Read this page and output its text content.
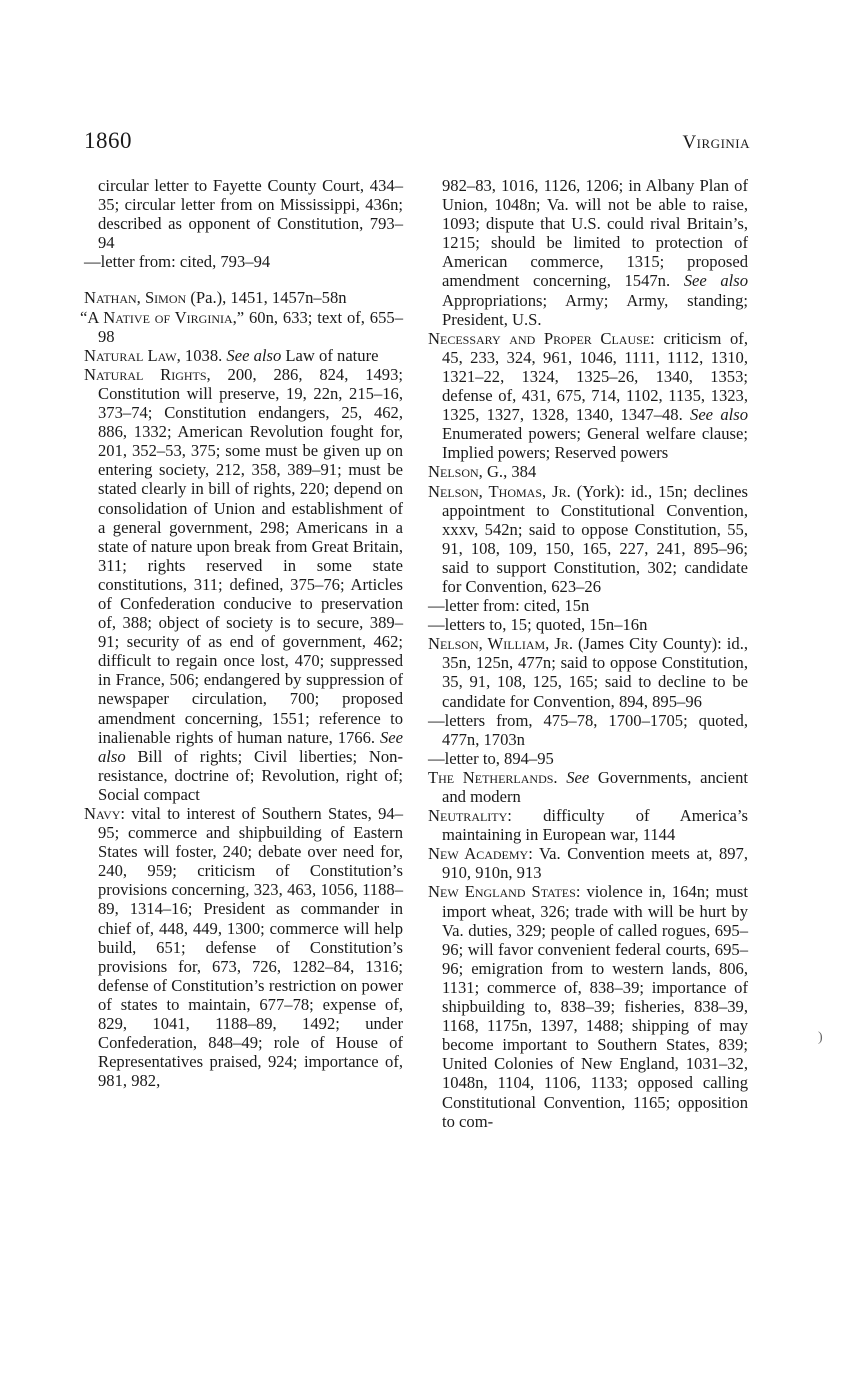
1860	Virginia

circular letter to Fayette County Court, 434–35; circular letter from on Mississippi, 436n; described as opponent of Constitution, 793–94

—letter from: cited, 793–94

Nathan, Simon (Pa.), 1451, 1457n–58n

“A Native of Virginia,” 60n, 633; text of, 655–98

Natural Law, 1038. See also Law of nature

Natural Rights, 200, 286, 824, 1493; Constitution will preserve, 19, 22n, 215–16, 373–74; Constitution endangers, 25, 462, 886, 1332; American Revolution fought for, 201, 352–53, 375; some must be given up on entering society, 212, 358, 389–91; must be stated clearly in bill of rights, 220; depend on consolidation of Union and establishment of a general government, 298; Americans in a state of nature upon break from Great Britain, 311; rights reserved in some state constitutions, 311; defined, 375–76; Articles of Confederation conducive to preservation of, 388; object of society is to secure, 389–91; security of as end of government, 462; difficult to regain once lost, 470; suppressed in France, 506; endangered by suppression of newspaper circulation, 700; proposed amendment concerning, 1551; reference to inalienable rights of human nature, 1766. See also Bill of rights; Civil liberties; Non-resistance, doctrine of; Revolution, right of; Social compact

Navy: vital to interest of Southern States, 94–95; commerce and shipbuilding of Eastern States will foster, 240; debate over need for, 240, 959; criticism of Constitution’s provisions concerning, 323, 463, 1056, 1188–89, 1314–16; President as commander in chief of, 448, 449, 1300; commerce will help build, 651; defense of Constitution’s provisions for, 673, 726, 1282–84, 1316; defense of Constitution’s restriction on power of states to maintain, 677–78; expense of, 829, 1041, 1188–89, 1492; under Confederation, 848–49; role of House of Representatives praised, 924; importance of, 981, 982,

982–83, 1016, 1126, 1206; in Albany Plan of Union, 1048n; Va. will not be able to raise, 1093; dispute that U.S. could rival Britain’s, 1215; should be limited to protection of American commerce, 1315; proposed amendment concerning, 1547n. See also Appropriations; Army; Army, standing; President, U.S.

Necessary and Proper Clause: criticism of, 45, 233, 324, 961, 1046, 1111, 1112, 1310, 1321–22, 1324, 1325–26, 1340, 1353; defense of, 431, 675, 714, 1102, 1135, 1323, 1325, 1327, 1328, 1340, 1347–48. See also Enumerated powers; General welfare clause; Implied powers; Reserved powers

Nelson, G., 384

Nelson, Thomas, Jr. (York): id., 15n; declines appointment to Constitutional Convention, xxxv, 542n; said to oppose Constitution, 55, 91, 108, 109, 150, 165, 227, 241, 895–96; said to support Constitution, 302; candidate for Convention, 623–26

—letter from: cited, 15n

—letters to, 15; quoted, 15n–16n

Nelson, William, Jr. (James City County): id., 35n, 125n, 477n; said to oppose Constitution, 35, 91, 108, 125, 165; said to decline to be candidate for Convention, 894, 895–96

—letters from, 475–78, 1700–1705; quoted, 477n, 1703n

—letter to, 894–95

The Netherlands. See Governments, ancient and modern

Neutrality: difficulty of America’s maintaining in European war, 1144

New Academy: Va. Convention meets at, 897, 910, 910n, 913

New England States: violence in, 164n; must import wheat, 326; trade with will be hurt by Va. duties, 329; people of called rogues, 695–96; will favor convenient federal courts, 695–96; emigration from to western lands, 806, 1131; commerce of, 838–39; importance of shipbuilding to, 838–39; fisheries, 838–39, 1168, 1175n, 1397, 1488; shipping of may become important to Southern States, 839; United Colonies of New England, 1031–32, 1048n, 1104, 1106, 1133; opposed calling Constitutional Convention, 1165; opposition to com-

)
